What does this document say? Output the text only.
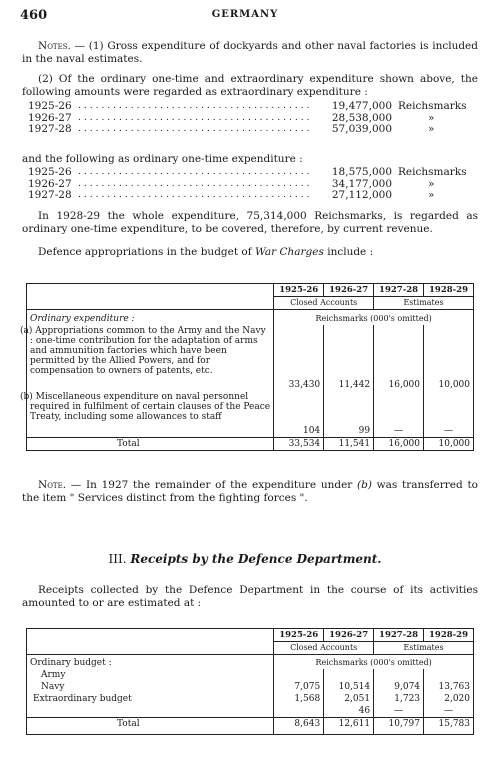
460	GERMANY
Notes. — (1) Gross expenditure of dockyards and other naval factories is included in the naval estimates.
(2) Of the ordinary one-time and extraordinary expenditure shown above, the following amounts were regarded as extraordinary expenditure :
1925-26 ........................................	19,477,000 Reichsmarks
1926-27 ........................................	28,538,000	»
1927-28 ........................................	57,039,000	»
and the following as ordinary one-time expenditure :
1925-26 ........................................	18,575,000 Reichsmarks
1926-27 ........................................	34,177,000	»
1927-28 ........................................	27,112,000	»
In 1928-29 the whole expenditure, 75,314,000 Reichsmarks, is regarded as ordinary one-time expenditure, to be covered, therefore, by current revenue.
Defence appropriations in the budget of War Charges include :
	1925-26	1926-27	1927-28	1928-29
	Closed Accounts		Estimates	
Ordinary expenditure :	Reichsmarks (000's omitted)			
(a) Appropriations common to the Army and the Navy : one-time contribution for the adaptation of arms and ammunition factories which have been permitted by the Allied Powers, and for compensation to owners of patents, etc.	33,430	11,442	16,000	10,000
(b) Miscellaneous expenditure on naval personnel required in fulfilment of certain clauses of the Peace Treaty, including some allowances to staff	104	99	—	—
Total	33,534	11,541	16,000	10,000
Note. — In 1927 the remainder of the expenditure under (b) was transferred to the item " Services distinct from the fighting forces ".
III. Receipts by the Defence Department.
Receipts collected by the Defence Department in the course of its activities amounted to or are estimated at :
	1925-26	1926-27	1927-28	1928-29
	Closed Accounts		Estimates	
Ordinary budget :	Reichsmarks (000's omitted)			
Army				
Navy	7,075	10,514	9,074	13,763
Extraordinary budget	1,568	2,051	1,723	2,020
		46	—	—
Total	8,643	12,611	10,797	15,783
